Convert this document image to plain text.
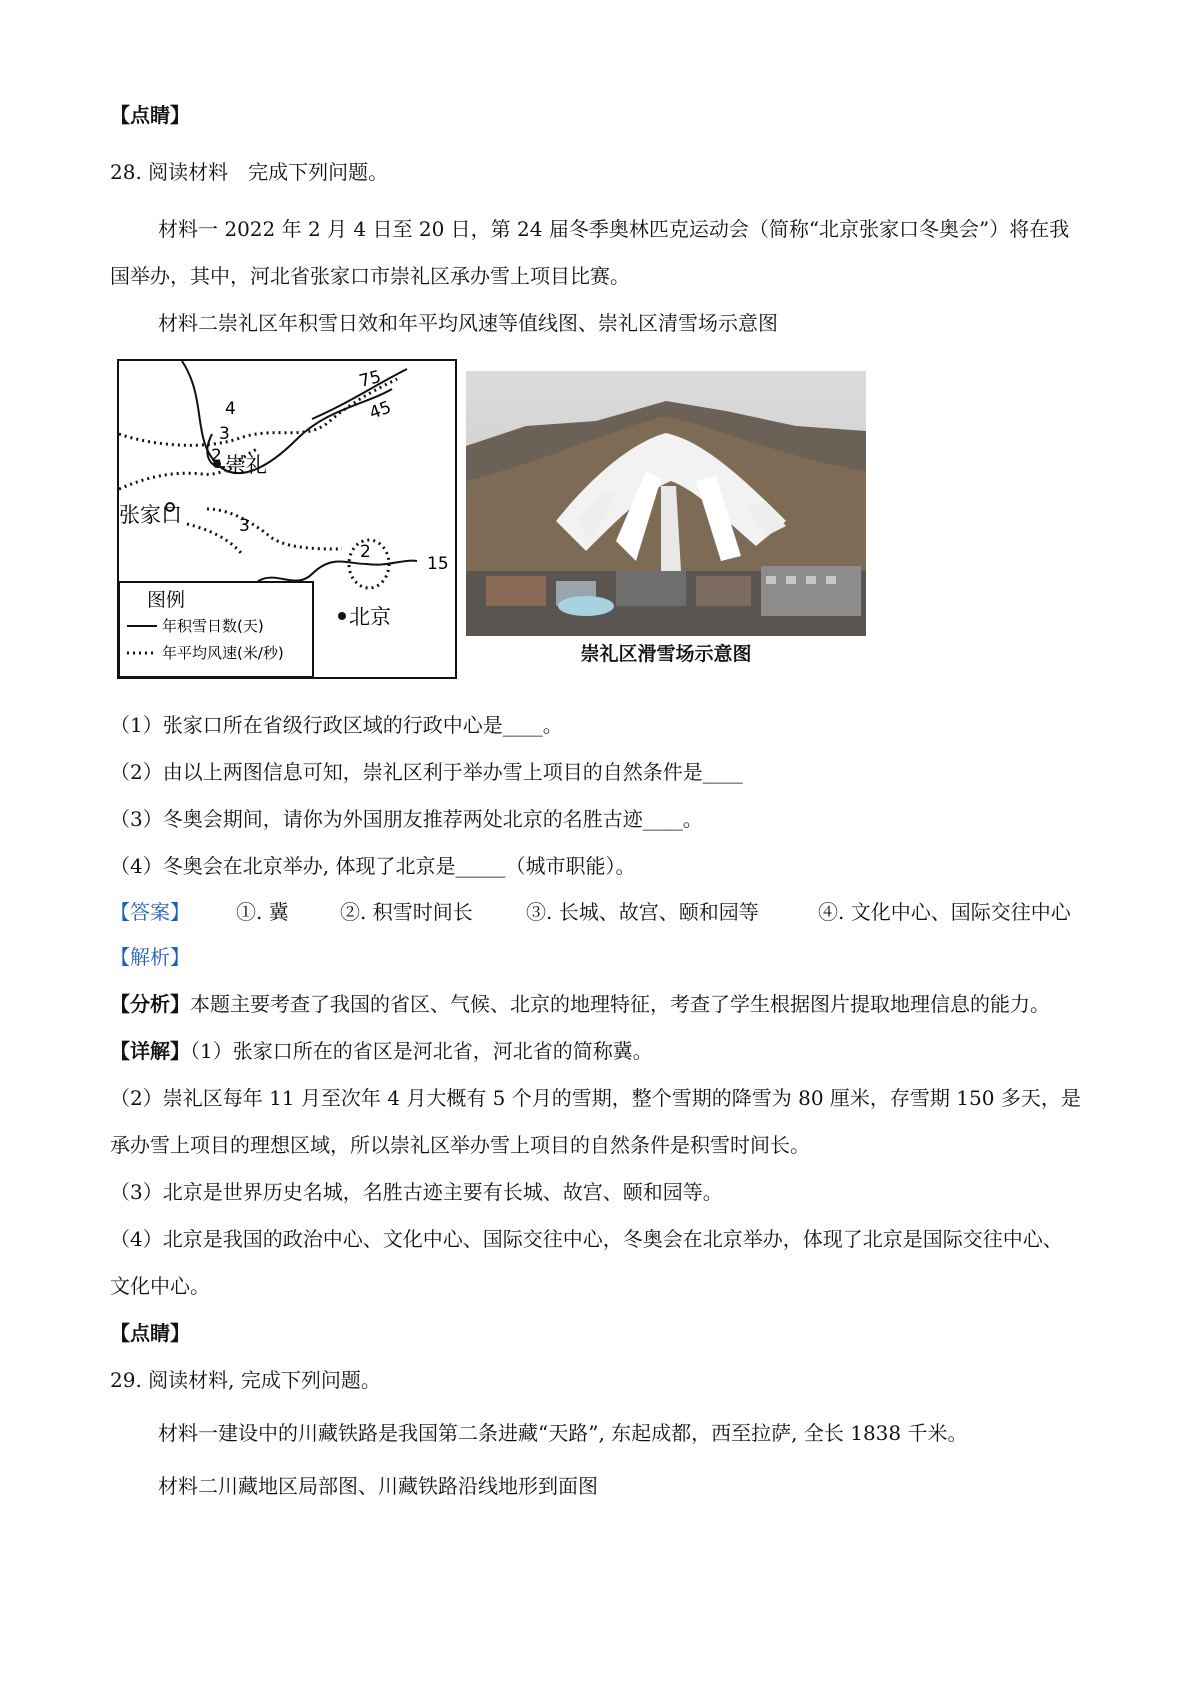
【点睛】
28. 阅读材料　完成下列问题。
材料一 2022 年 2 月 4 日至 20 日，第 24 届冬季奥林匹克运动会（简称“北京张家口冬奥会”）将在我
国举办，其中，河北省张家口市崇礼区承办雪上项目比赛。
材料二崇礼区年积雪日效和年平均风速等值线图、崇礼区清雪场示意图
75
45
4
3
2
3
2
15
崇礼
张家口
北京
图例
年积雪日数(天)
年平均风速(米/秒)	崇礼区滑雪场示意图
（1）张家口所在省级行政区域的行政中心是____。
（2）由以上两图信息可知，崇礼区利于举办雪上项目的自然条件是____
（3）冬奥会期间，请你为外国朋友推荐两处北京的名胜古迹____。
（4）冬奥会在北京举办, 体现了北京是_____（城市职能）。
【答案】 ①. 冀	②. 积雪时间长	③. 长城、故宫、颐和园等	④. 文化中心、国际交往中心
【解析】
【分析】本题主要考查了我国的省区、气候、北京的地理特征，考查了学生根据图片提取地理信息的能力。
【详解】（1）张家口所在的省区是河北省，河北省的简称冀。
（2）崇礼区每年 11 月至次年 4 月大概有 5 个月的雪期，整个雪期的降雪为 80 厘米，存雪期 150 多天，是
承办雪上项目的理想区域，所以崇礼区举办雪上项目的自然条件是积雪时间长。
（3）北京是世界历史名城，名胜古迹主要有长城、故宫、颐和园等。
（4）北京是我国的政治中心、文化中心、国际交往中心，冬奥会在北京举办，体现了北京是国际交往中心、
文化中心。
【点睛】
29. 阅读材料, 完成下列问题。
材料一建设中的川藏铁路是我国第二条进藏“天路”, 东起成都，西至拉萨, 全长 1838 千米。
材料二川藏地区局部图、川藏铁路沿线地形到面图
